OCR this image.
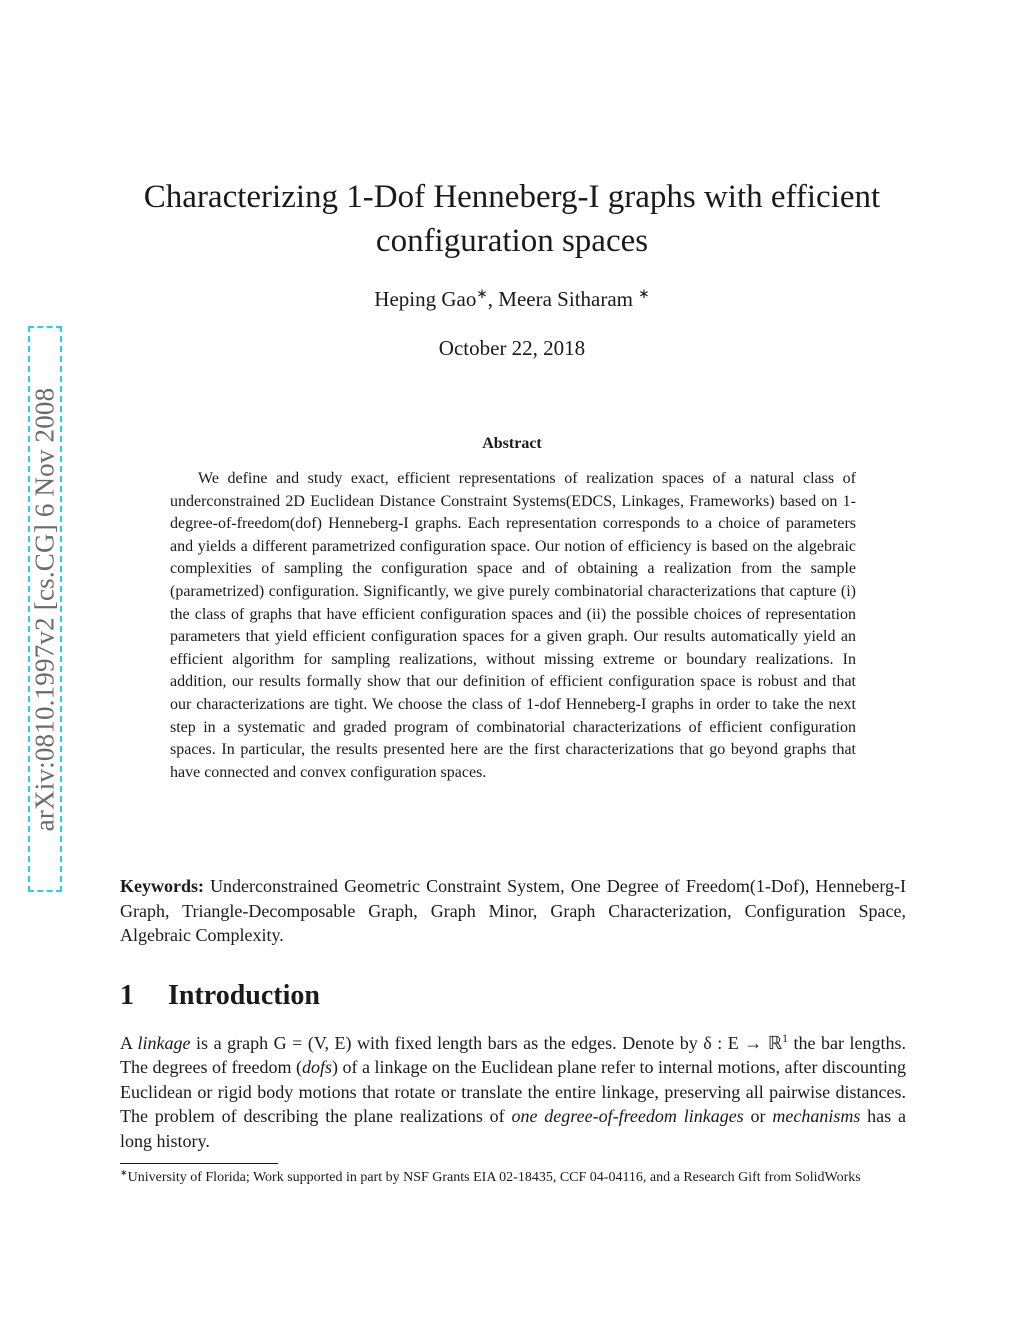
arXiv:0810.1997v2 [cs.CG] 6 Nov 2008
Characterizing 1-Dof Henneberg-I graphs with efficient configuration spaces
Heping Gao∗, Meera Sitharam ∗
October 22, 2018
Abstract

We define and study exact, efficient representations of realization spaces of a natural class of underconstrained 2D Euclidean Distance Constraint Systems(EDCS, Linkages, Frameworks) based on 1-degree-of-freedom(dof) Henneberg-I graphs. Each representation corresponds to a choice of parameters and yields a different parametrized configuration space. Our notion of efficiency is based on the algebraic complexities of sampling the configuration space and of obtaining a realization from the sample (parametrized) configuration. Significantly, we give purely combinatorial characterizations that capture (i) the class of graphs that have efficient configuration spaces and (ii) the possible choices of representation parameters that yield efficient configuration spaces for a given graph. Our results automatically yield an efficient algorithm for sampling realizations, without missing extreme or boundary realizations. In addition, our results formally show that our definition of efficient configuration space is robust and that our characterizations are tight. We choose the class of 1-dof Henneberg-I graphs in order to take the next step in a systematic and graded program of combinatorial characterizations of efficient configuration spaces. In particular, the results presented here are the first characterizations that go beyond graphs that have connected and convex configuration spaces.

Keywords: Underconstrained Geometric Constraint System, One Degree of Freedom(1-Dof), Henneberg-I Graph, Triangle-Decomposable Graph, Graph Minor, Graph Characterization, Configuration Space, Algebraic Complexity.

1 Introduction

A linkage is a graph G = (V, E) with fixed length bars as the edges. Denote by δ : E → ℝ$^1$ the bar lengths. The degrees of freedom (dofs) of a linkage on the Euclidean plane refer to internal motions, after discounting Euclidean or rigid body motions that rotate or translate the entire linkage, preserving all pairwise distances. The problem of describing the plane realizations of one degree-of-freedom linkages or mechanisms has a long history.

∗University of Florida; Work supported in part by NSF Grants EIA 02-18435, CCF 04-04116, and a Research Gift from SolidWorks
